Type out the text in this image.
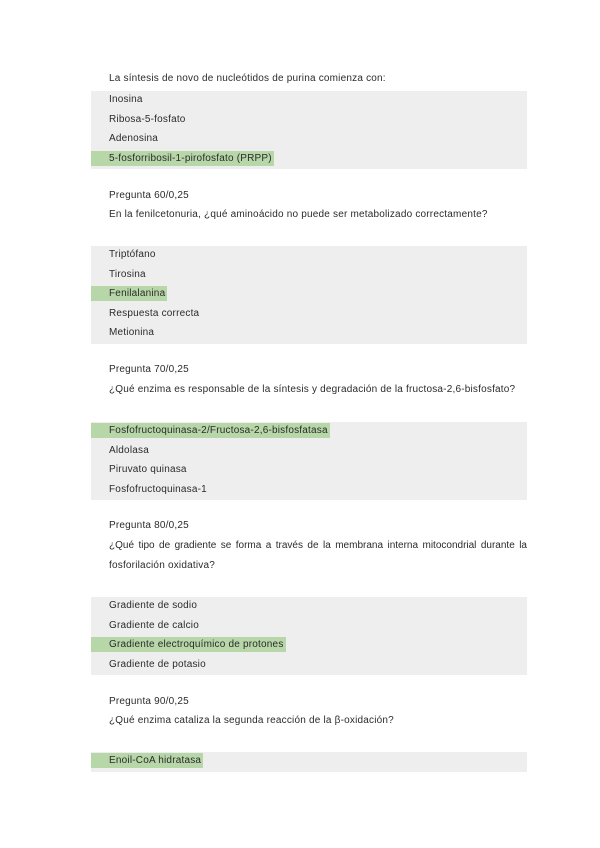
La síntesis de novo de nucleótidos de purina comienza con:
Inosina
Ribosa-5-fosfato
Adenosina
5-fosforribosil-1-pirofosfato (PRPP)
Pregunta 60/0,25
En la fenilcetonuria, ¿qué aminoácido no puede ser metabolizado correctamente?
Triptófano
Tirosina
Fenilalanina
Respuesta correcta
Metionina
Pregunta 70/0,25
¿Qué enzima es responsable de la síntesis y degradación de la fructosa-2,6-bisfosfato?
Fosfofructoquinasa-2/Fructosa-2,6-bisfosfatasa
Aldolasa
Piruvato quinasa
Fosfofructoquinasa-1
Pregunta 80/0,25
¿Qué tipo de gradiente se forma a través de la membrana interna mitocondrial durante la
fosforilación oxidativa?
Gradiente de sodio
Gradiente de calcio
Gradiente electroquímico de protones
Gradiente de potasio
Pregunta 90/0,25
¿Qué enzima cataliza la segunda reacción de la β-oxidación?
Enoil-CoA hidratasa
